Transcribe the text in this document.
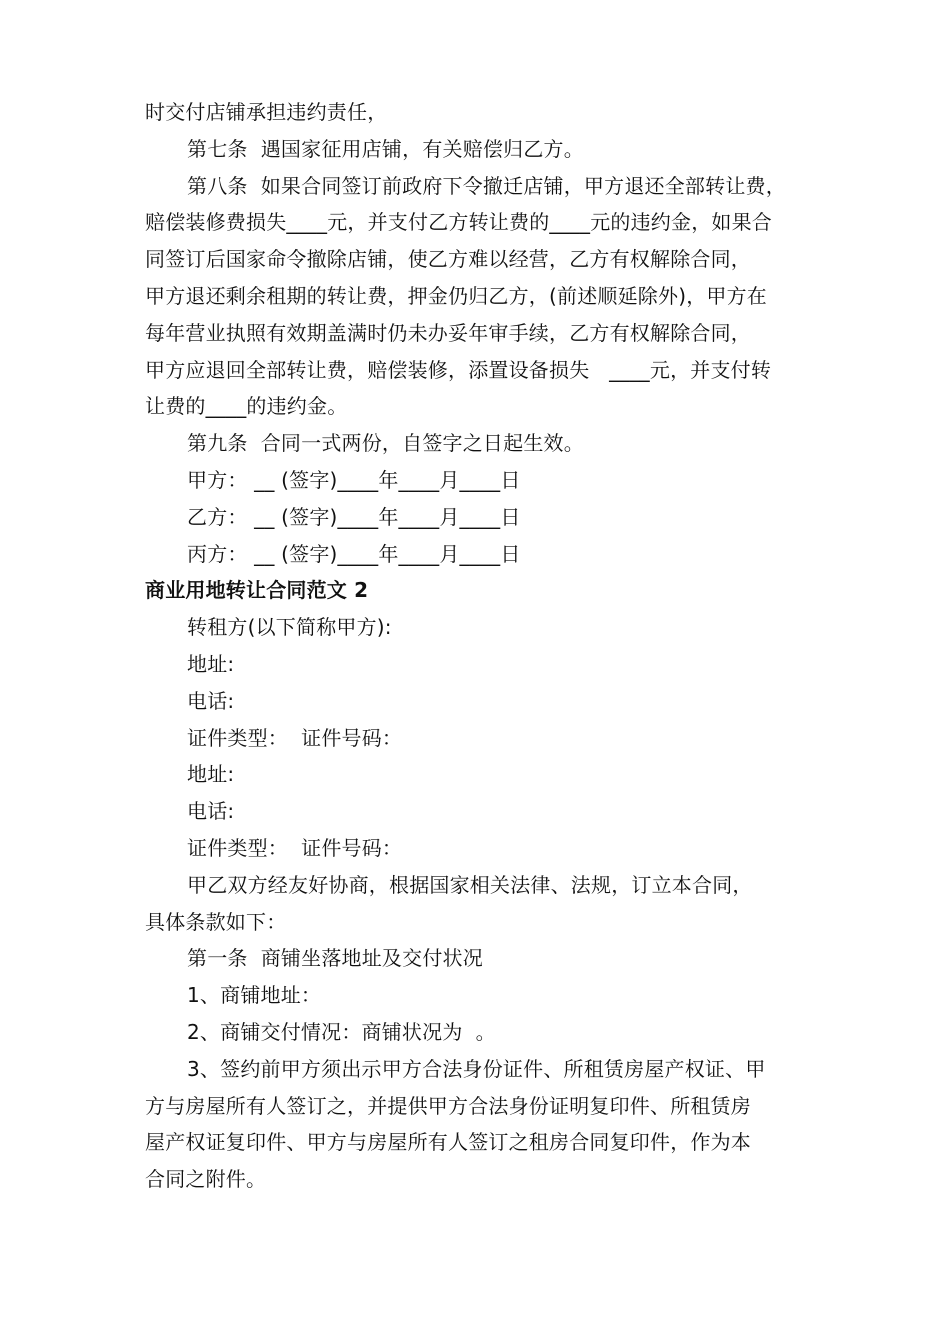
时交付店铺承担违约责任，
第七条  遇国家征用店铺，有关赔偿归乙方。
第八条  如果合同签订前政府下令撤迁店铺，甲方退还全部转让费，
赔偿装修费损失____元，并支付乙方转让费的____元的违约金，如果合
同签订后国家命令撤除店铺，使乙方难以经营，乙方有权解除合同，
甲方退还剩余租期的转让费，押金仍归乙方，(前述顺延除外)，甲方在
每年营业执照有效期盖满时仍未办妥年审手续，乙方有权解除合同，
甲方应退回全部转让费，赔偿装修，添置设备损失   ____元，并支付转
让费的____的违约金。
第九条  合同一式两份，自签字之日起生效。
甲方： __ (签字)____年____月____日
乙方： __ (签字)____年____月____日
丙方： __ (签字)____年____月____日
商业用地转让合同范文 2
转租方(以下简称甲方):
地址:
电话:
证件类型：  证件号码：
地址:
电话:
证件类型：  证件号码：
甲乙双方经友好协商，根据国家相关法律、法规，订立本合同，
具体条款如下：
第一条  商铺坐落地址及交付状况
1、商铺地址：
2、商铺交付情况：商铺状况为  。
3、签约前甲方须出示甲方合法身份证件、所租赁房屋产权证、甲
方与房屋所有人签订之，并提供甲方合法身份证明复印件、所租赁房
屋产权证复印件、甲方与房屋所有人签订之租房合同复印件，作为本
合同之附件。
